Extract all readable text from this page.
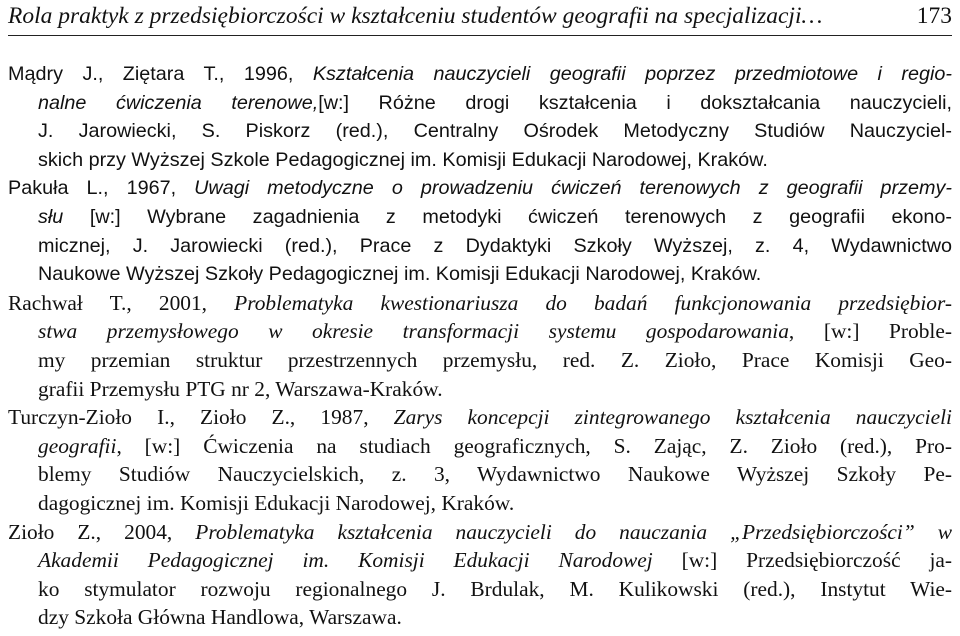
Rola praktyk z przedsiębiorczości w kształceniu studentów geografii na specjalizacji…	173
Mądry J., Ziętara T., 1996, Kształcenia nauczycieli geografii poprzez przedmiotowe i regio-
nalne ćwiczenia terenowe,[w:] Różne drogi kształcenia i dokształcania nauczycieli,
J. Jarowiecki, S. Piskorz (red.), Centralny Ośrodek Metodyczny Studiów Nauczyciel-
skich przy Wyższej Szkole Pedagogicznej im. Komisji Edukacji Narodowej, Kraków.
Pakuła L., 1967, Uwagi metodyczne o prowadzeniu ćwiczeń terenowych z geografii przemy-
słu [w:] Wybrane zagadnienia z metodyki ćwiczeń terenowych z geografii ekono-
micznej, J. Jarowiecki (red.), Prace z Dydaktyki Szkoły Wyższej, z. 4, Wydawnictwo
Naukowe Wyższej Szkoły Pedagogicznej im. Komisji Edukacji Narodowej, Kraków.
Rachwał T., 2001, Problematyka kwestionariusza do badań funkcjonowania przedsiębior-
stwa przemysłowego w okresie transformacji systemu gospodarowania, [w:] Proble-
my przemian struktur przestrzennych przemysłu, red. Z. Zioło, Prace Komisji Geo-
grafii Przemysłu PTG nr 2, Warszawa-Kraków.
Turczyn-Zioło I., Zioło Z., 1987, Zarys koncepcji zintegrowanego kształcenia nauczycieli
geografii, [w:] Ćwiczenia na studiach geograficznych, S. Zając, Z. Zioło (red.), Pro-
blemy Studiów Nauczycielskich, z. 3, Wydawnictwo Naukowe Wyższej Szkoły Pe-
dagogicznej im. Komisji Edukacji Narodowej, Kraków.
Zioło Z., 2004, Problematyka kształcenia nauczycieli do nauczania „Przedsiębiorczości” w
Akademii Pedagogicznej im. Komisji Edukacji Narodowej [w:] Przedsiębiorczość ja-
ko stymulator rozwoju regionalnego J. Brdulak, M. Kulikowski (red.), Instytut Wie-
dzy Szkoła Główna Handlowa, Warszawa.
